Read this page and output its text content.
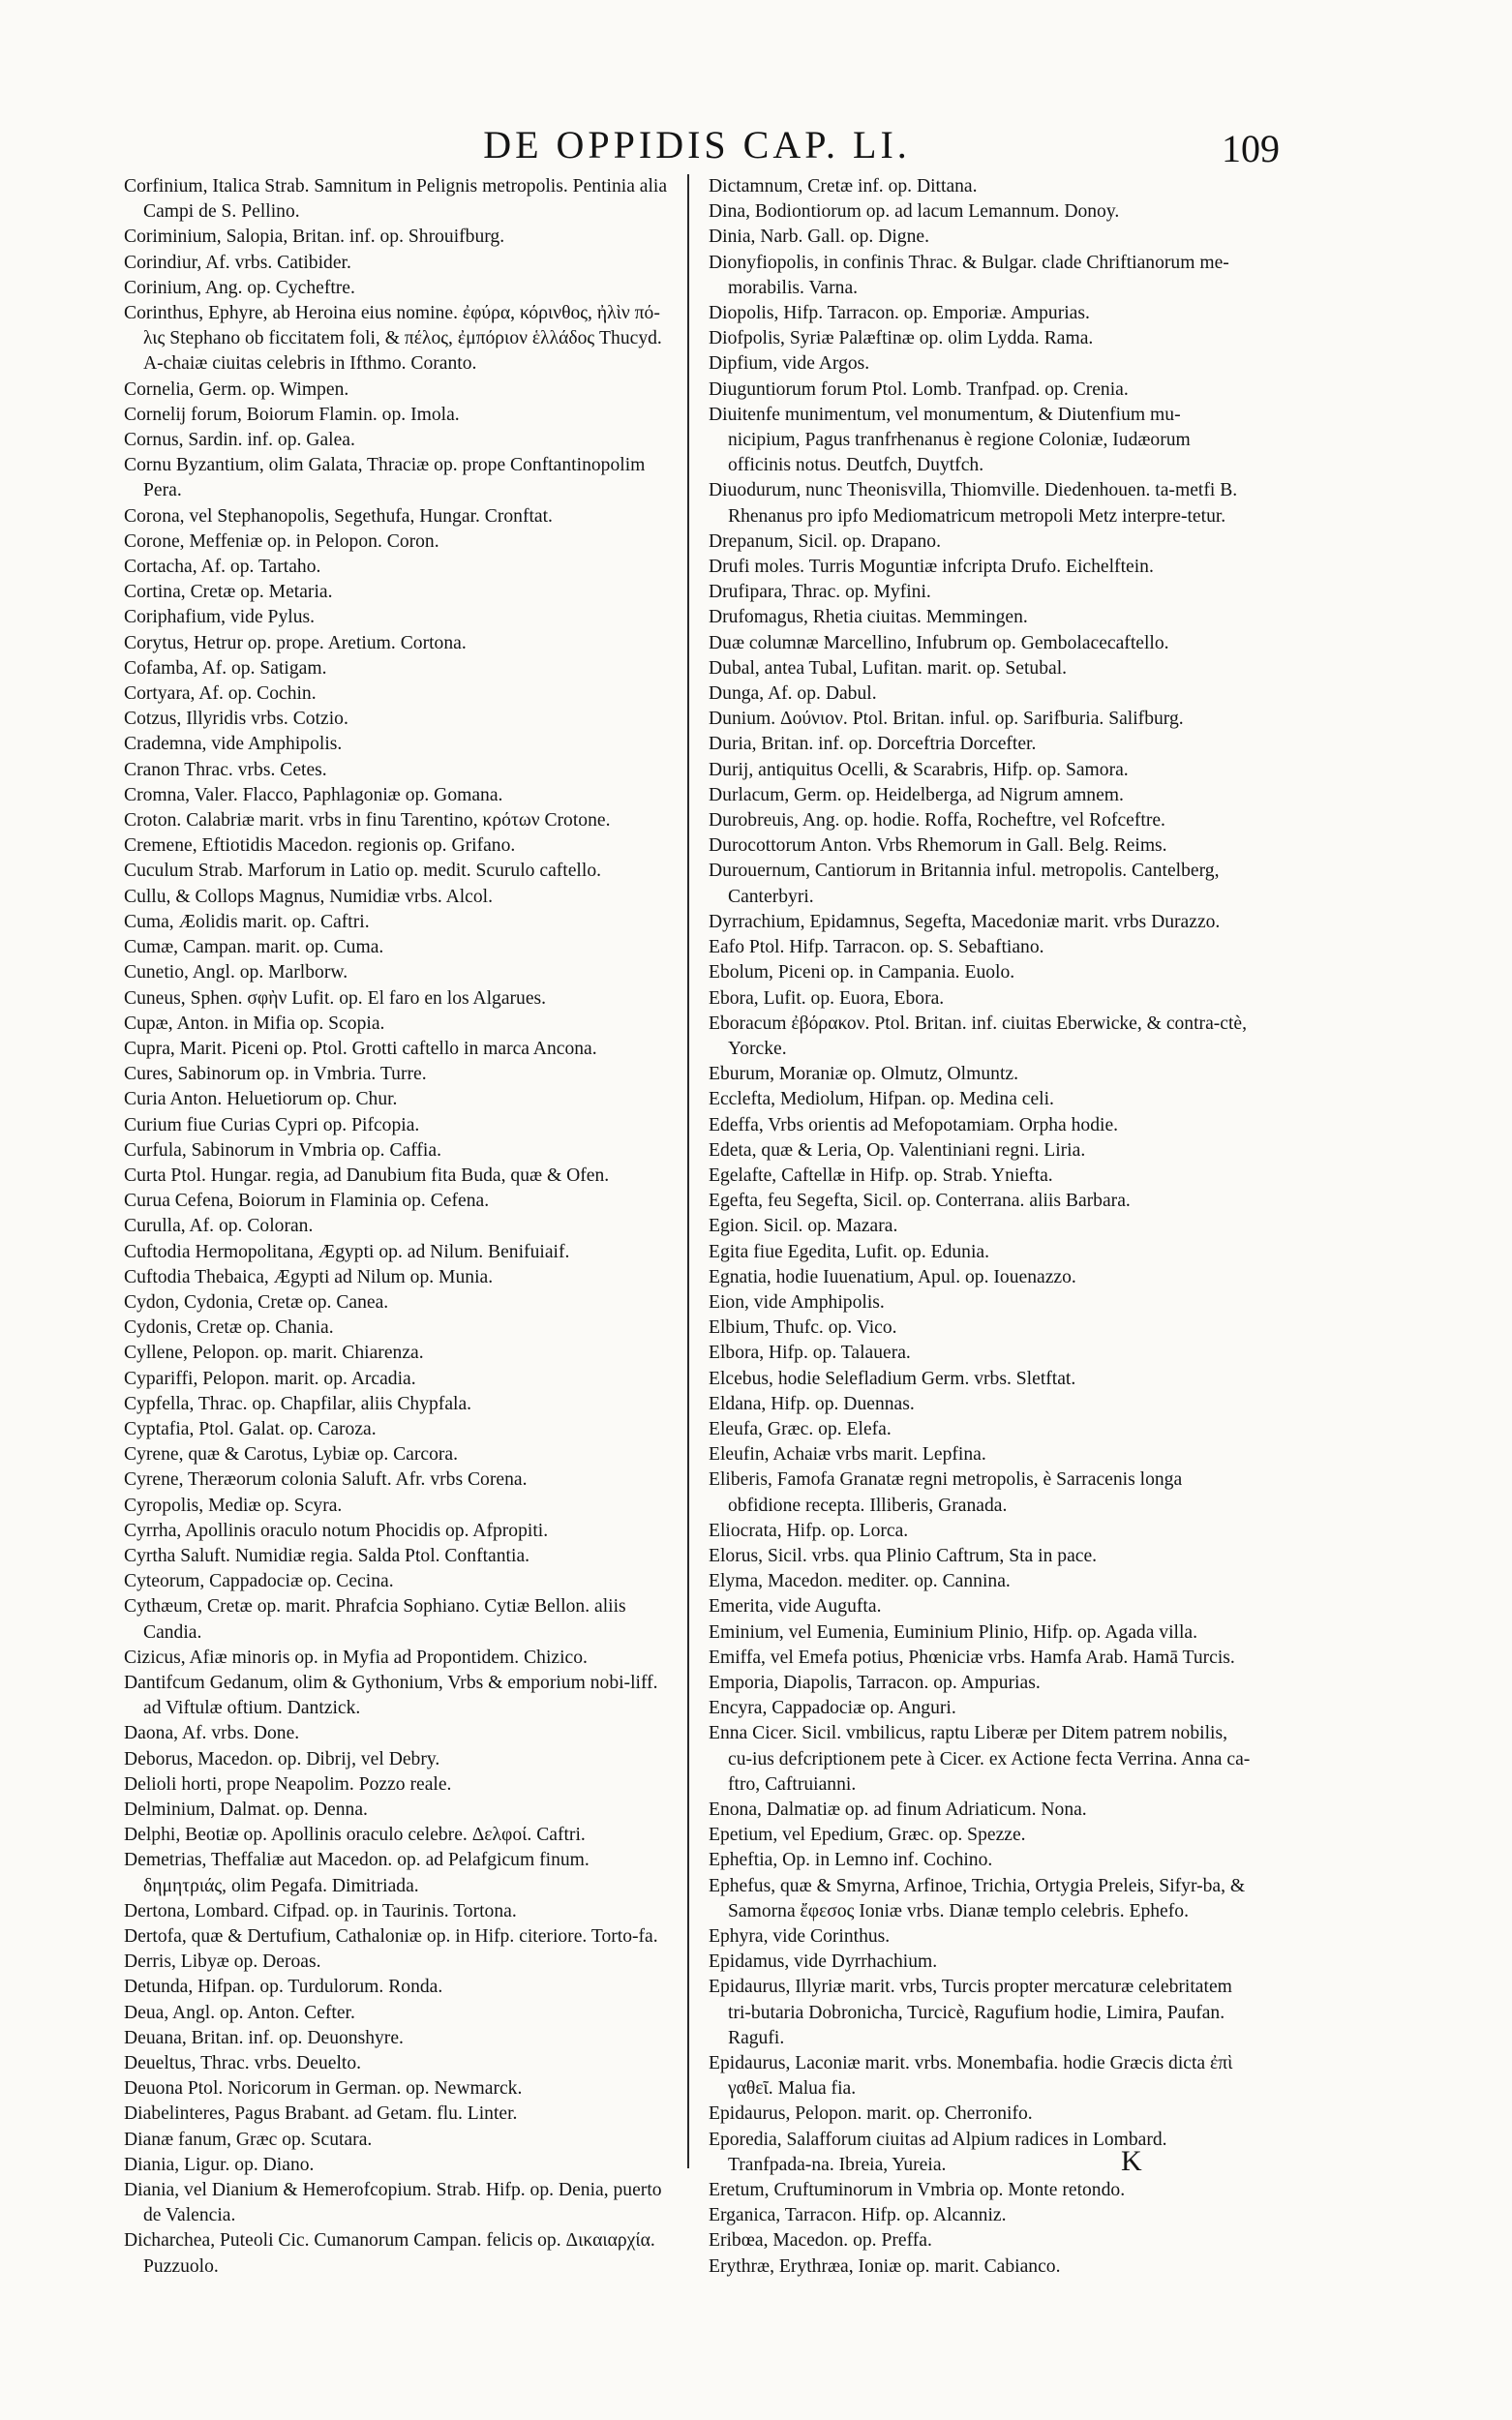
DE OPPIDIS CAP. LI.	109
Corfinium, Italica Strab. Samnitum in Pelignis metropolis. Pentinia alia Campi de S. Pellino.
Coriminium, Salopia, Britan. inf. op. Shrouifburg.
Corindiur, Af. vrbs. Catibider.
Corinium, Ang. op. Cycheftre.
Corinthus, Ephyre, ab Heroina eius nomine. ἐφύρα, κόρινθος, ἠλὶν πό-λις Stephano ob ficcitatem foli, & πέλος, ἐμπόριον ἑλλάδος Thucyd. A-chaiæ ciuitas celebris in Ifthmo. Coranto.
Cornelia, Germ. op. Wimpen.
Cornelij forum, Boiorum Flamin. op. Imola.
Cornus, Sardin. inf. op. Galea.
Cornu Byzantium, olim Galata, Thraciæ op. prope Conftantinopolim Pera.
Corona, vel Stephanopolis, Segethufa, Hungar. Cronftat.
Corone, Meffeniæ op. in Pelopon. Coron.
Cortacha, Af. op. Tartaho.
Cortina, Cretæ op. Metaria.
Coriphafium, vide Pylus.
Corytus, Hetrur op. prope. Aretium. Cortona.
Cofamba, Af. op. Satigam.
Cortyara, Af. op. Cochin.
Cotzus, Illyridis vrbs. Cotzio.
Crademna, vide Amphipolis.
Cranon Thrac. vrbs. Cetes.
Cromna, Valer. Flacco, Paphlagoniæ op. Gomana.
Croton. Calabriæ marit. vrbs in finu Tarentino, κρότων Crotone.
Cremene, Eftiotidis Macedon. regionis op. Grifano.
Cuculum Strab. Marforum in Latio op. medit. Scurulo caftello.
Cullu, & Collops Magnus, Numidiæ vrbs. Alcol.
Cuma, Æolidis marit. op. Caftri.
Cumæ, Campan. marit. op. Cuma.
Cunetio, Angl. op. Marlborw.
Cuneus, Sphen. σφὴν Lufit. op. El faro en los Algarues.
Cupæ, Anton. in Mifia op. Scopia.
Cupra, Marit. Piceni op. Ptol. Grotti caftello in marca Ancona.
Cures, Sabinorum op. in Vmbria. Turre.
Curia Anton. Heluetiorum op. Chur.
Curium fiue Curias Cypri op. Pifcopia.
Curfula, Sabinorum in Vmbria op. Caffia.
Curta Ptol. Hungar. regia, ad Danubium fita Buda, quæ & Ofen.
Curua Cefena, Boiorum in Flaminia op. Cefena.
Curulla, Af. op. Coloran.
Cuftodia Hermopolitana, Ægypti op. ad Nilum. Benifuiaif.
Cuftodia Thebaica, Ægypti ad Nilum op. Munia.
Cydon, Cydonia, Cretæ op. Canea.
Cydonis, Cretæ op. Chania.
Cyllene, Pelopon. op. marit. Chiarenza.
Cypariffi, Pelopon. marit. op. Arcadia.
Cypfella, Thrac. op. Chapfilar, aliis Chypfala.
Cyptafia, Ptol. Galat. op. Caroza.
Cyrene, quæ & Carotus, Lybiæ op. Carcora.
Cyrene, Theræorum colonia Saluft. Afr. vrbs Corena.
Cyropolis, Mediæ op. Scyra.
Cyrrha, Apollinis oraculo notum Phocidis op. Afpropiti.
Cyrtha Saluft. Numidiæ regia. Salda Ptol. Conftantia.
Cyteorum, Cappadociæ op. Cecina.
Cythæum, Cretæ op. marit. Phrafcia Sophiano. Cytiæ Bellon. aliis Candia.
Cizicus, Afiæ minoris op. in Myfia ad Propontidem. Chizico.
Dantifcum Gedanum, olim & Gythonium, Vrbs & emporium nobi-liff. ad Viftulæ oftium. Dantzick.
Daona, Af. vrbs. Done.
Deborus, Macedon. op. Dibrij, vel Debry.
Delioli horti, prope Neapolim. Pozzo reale.
Delminium, Dalmat. op. Denna.
Delphi, Beotiæ op. Apollinis oraculo celebre. Δελφοί. Caftri.
Demetrias, Theffaliæ aut Macedon. op. ad Pelafgicum finum. δημητριάς, olim Pegafa. Dimitriada.
Dertona, Lombard. Cifpad. op. in Taurinis. Tortona.
Dertofa, quæ & Dertufium, Cathaloniæ op. in Hifp. citeriore. Torto-fa.
Derris, Libyæ op. Deroas.
Detunda, Hifpan. op. Turdulorum. Ronda.
Deua, Angl. op. Anton. Cefter.
Deuana, Britan. inf. op. Deuonshyre.
Deueltus, Thrac. vrbs. Deuelto.
Deuona Ptol. Noricorum in German. op. Newmarck.
Diabelinteres, Pagus Brabant. ad Getam. flu. Linter.
Dianæ fanum, Græc op. Scutara.
Diania, Ligur. op. Diano.
Diania, vel Dianium & Hemerofcopium. Strab. Hifp. op. Denia, puerto de Valencia.
Dicharchea, Puteoli Cic. Cumanorum Campan. felicis op. Δικαιαρχία. Puzzuolo.
Dictamnum, Cretæ inf. op. Dittana.
Dina, Bodiontiorum op. ad lacum Lemannum. Donoy.
Dinia, Narb. Gall. op. Digne.
Dionyfiopolis, in confinis Thrac. & Bulgar. clade Chriftianorum me-morabilis. Varna.
Diopolis, Hifp. Tarracon. op. Emporiæ. Ampurias.
Diofpolis, Syriæ Palæftinæ op. olim Lydda. Rama.
Dipfium, vide Argos.
Diuguntiorum forum Ptol. Lomb. Tranfpad. op. Crenia.
Diuitenfe munimentum, vel monumentum, & Diutenfium mu-nicipium, Pagus tranfrhenanus è regione Coloniæ, Iudæorum officinis notus. Deutfch, Duytfch.
Diuodurum, nunc Theonisvilla, Thiomville. Diedenhouen. ta-metfi B. Rhenanus pro ipfo Mediomatricum metropoli Metz interpre-tetur.
Drepanum, Sicil. op. Drapano.
Drufi moles. Turris Moguntiæ infcripta Drufo. Eichelftein.
Drufipara, Thrac. op. Myfini.
Drufomagus, Rhetia ciuitas. Memmingen.
Duæ columnæ Marcellino, Infubrum op. Gembolacecaftello.
Dubal, antea Tubal, Lufitan. marit. op. Setubal.
Dunga, Af. op. Dabul.
Dunium. Δούνιον. Ptol. Britan. inful. op. Sarifburia. Salifburg.
Duria, Britan. inf. op. Dorceftria Dorcefter.
Durij, antiquitus Ocelli, & Scarabris, Hifp. op. Samora.
Durlacum, Germ. op. Heidelberga, ad Nigrum amnem.
Durobreuis, Ang. op. hodie. Roffa, Rocheftre, vel Rofceftre.
Durocottorum Anton. Vrbs Rhemorum in Gall. Belg. Reims.
Durouernum, Cantiorum in Britannia inful. metropolis. Cantelberg, Canterbyri.
Dyrrachium, Epidamnus, Segefta, Macedoniæ marit. vrbs Durazzo.
Eafo Ptol. Hifp. Tarracon. op. S. Sebaftiano.
Ebolum, Piceni op. in Campania. Euolo.
Ebora, Lufit. op. Euora, Ebora.
Eboracum ἐβόρακον. Ptol. Britan. inf. ciuitas Eberwicke, & contra-ctè, Yorcke.
Eburum, Moraniæ op. Olmutz, Olmuntz.
Ecclefta, Mediolum, Hifpan. op. Medina celi.
Edeffa, Vrbs orientis ad Mefopotamiam. Orpha hodie.
Edeta, quæ & Leria, Op. Valentiniani regni. Liria.
Egelafte, Caftellæ in Hifp. op. Strab. Yniefta.
Egefta, feu Segefta, Sicil. op. Conterrana. aliis Barbara.
Egion. Sicil. op. Mazara.
Egita fiue Egedita, Lufit. op. Edunia.
Egnatia, hodie Iuuenatium, Apul. op. Iouenazzo.
Eion, vide Amphipolis.
Elbium, Thufc. op. Vico.
Elbora, Hifp. op. Talauera.
Elcebus, hodie Selefladium Germ. vrbs. Sletftat.
Eldana, Hifp. op. Duennas.
Eleufa, Græc. op. Elefa.
Eleufin, Achaiæ vrbs marit. Lepfina.
Eliberis, Famofa Granatæ regni metropolis, è Sarracenis longa obfidione recepta. Illiberis, Granada.
Eliocrata, Hifp. op. Lorca.
Elorus, Sicil. vrbs. qua Plinio Caftrum, Sta in pace.
Elyma, Macedon. mediter. op. Cannina.
Emerita, vide Augufta.
Eminium, vel Eumenia, Euminium Plinio, Hifp. op. Agada villa.
Emiffa, vel Emefa potius, Phœniciæ vrbs. Hamfa Arab. Hamā Turcis.
Emporia, Diapolis, Tarracon. op. Ampurias.
Encyra, Cappadociæ op. Anguri.
Enna Cicer. Sicil. vmbilicus, raptu Liberæ per Ditem patrem nobilis, cu-ius defcriptionem pete à Cicer. ex Actione fecta Verrina. Anna ca-ftro, Caftruianni.
Enona, Dalmatiæ op. ad finum Adriaticum. Nona.
Epetium, vel Epedium, Græc. op. Spezze.
Epheftia, Op. in Lemno inf. Cochino.
Ephefus, quæ & Smyrna, Arfinoe, Trichia, Ortygia Preleis, Sifyr-ba, & Samorna ἔφεσος Ioniæ vrbs. Dianæ templo celebris. Ephefo.
Ephyra, vide Corinthus.
Epidamus, vide Dyrrhachium.
Epidaurus, Illyriæ marit. vrbs, Turcis propter mercaturæ celebritatem tri-butaria Dobronicha, Turcicè, Ragufium hodie, Limira, Paufan. Ragufi.
Epidaurus, Laconiæ marit. vrbs. Monembafia. hodie Græcis dicta ἐπὶ γαθεῖ. Malua fia.
Epidaurus, Pelopon. marit. op. Cherronifo.
Eporedia, Salafforum ciuitas ad Alpium radices in Lombard. Tranfpada-na. Ibreia, Yureia.
Eretum, Cruftuminorum in Vmbria op. Monte retondo.
Erganica, Tarracon. Hifp. op. Alcanniz.
Eribœa, Macedon. op. Preffa.
Erythræ, Erythræa, Ioniæ op. marit. Cabianco.
K
